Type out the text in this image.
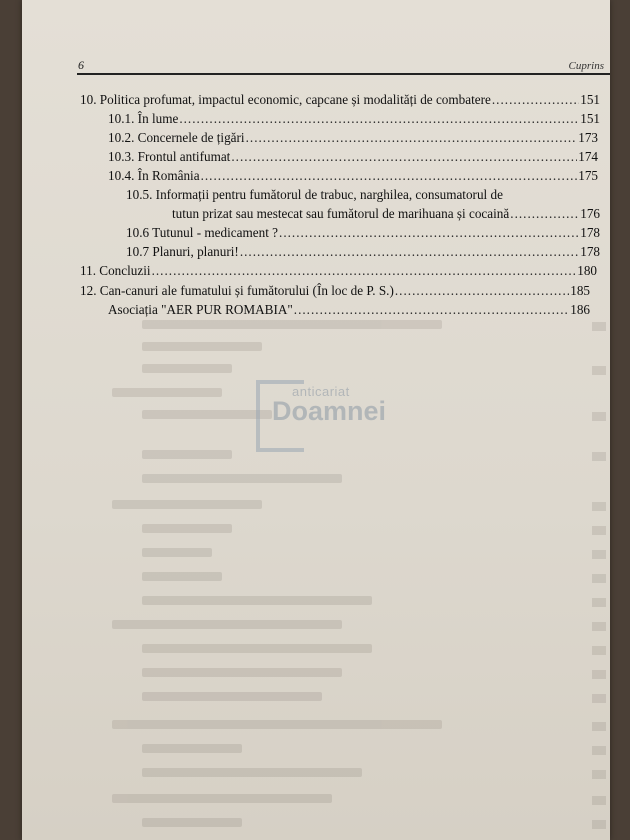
6	Cuprins
anticariat
Doamnei
10. Politica profumat, impactul economic, capcane și modalități de combatere .....	151
10.1. În lume .....	151
10.2. Concernele de țigări .....	173
10.3. Frontul antifumat .....	174
10.4. În România .....	175
10.5. Informații pentru fumătorul de trabuc, narghilea, consumatorul de
tutun prizat sau mestecat sau fumătorul de marihuana și cocaină .....	176
10.6 Tutunul - medicament ? .....	178
10.7 Planuri, planuri! .....	178
11. Concluzii .....	180
12. Can-canuri ale fumatului și fumătorului (În loc de P. S.) .....	185
Asociația "AER PUR ROMABIA" .....	186
